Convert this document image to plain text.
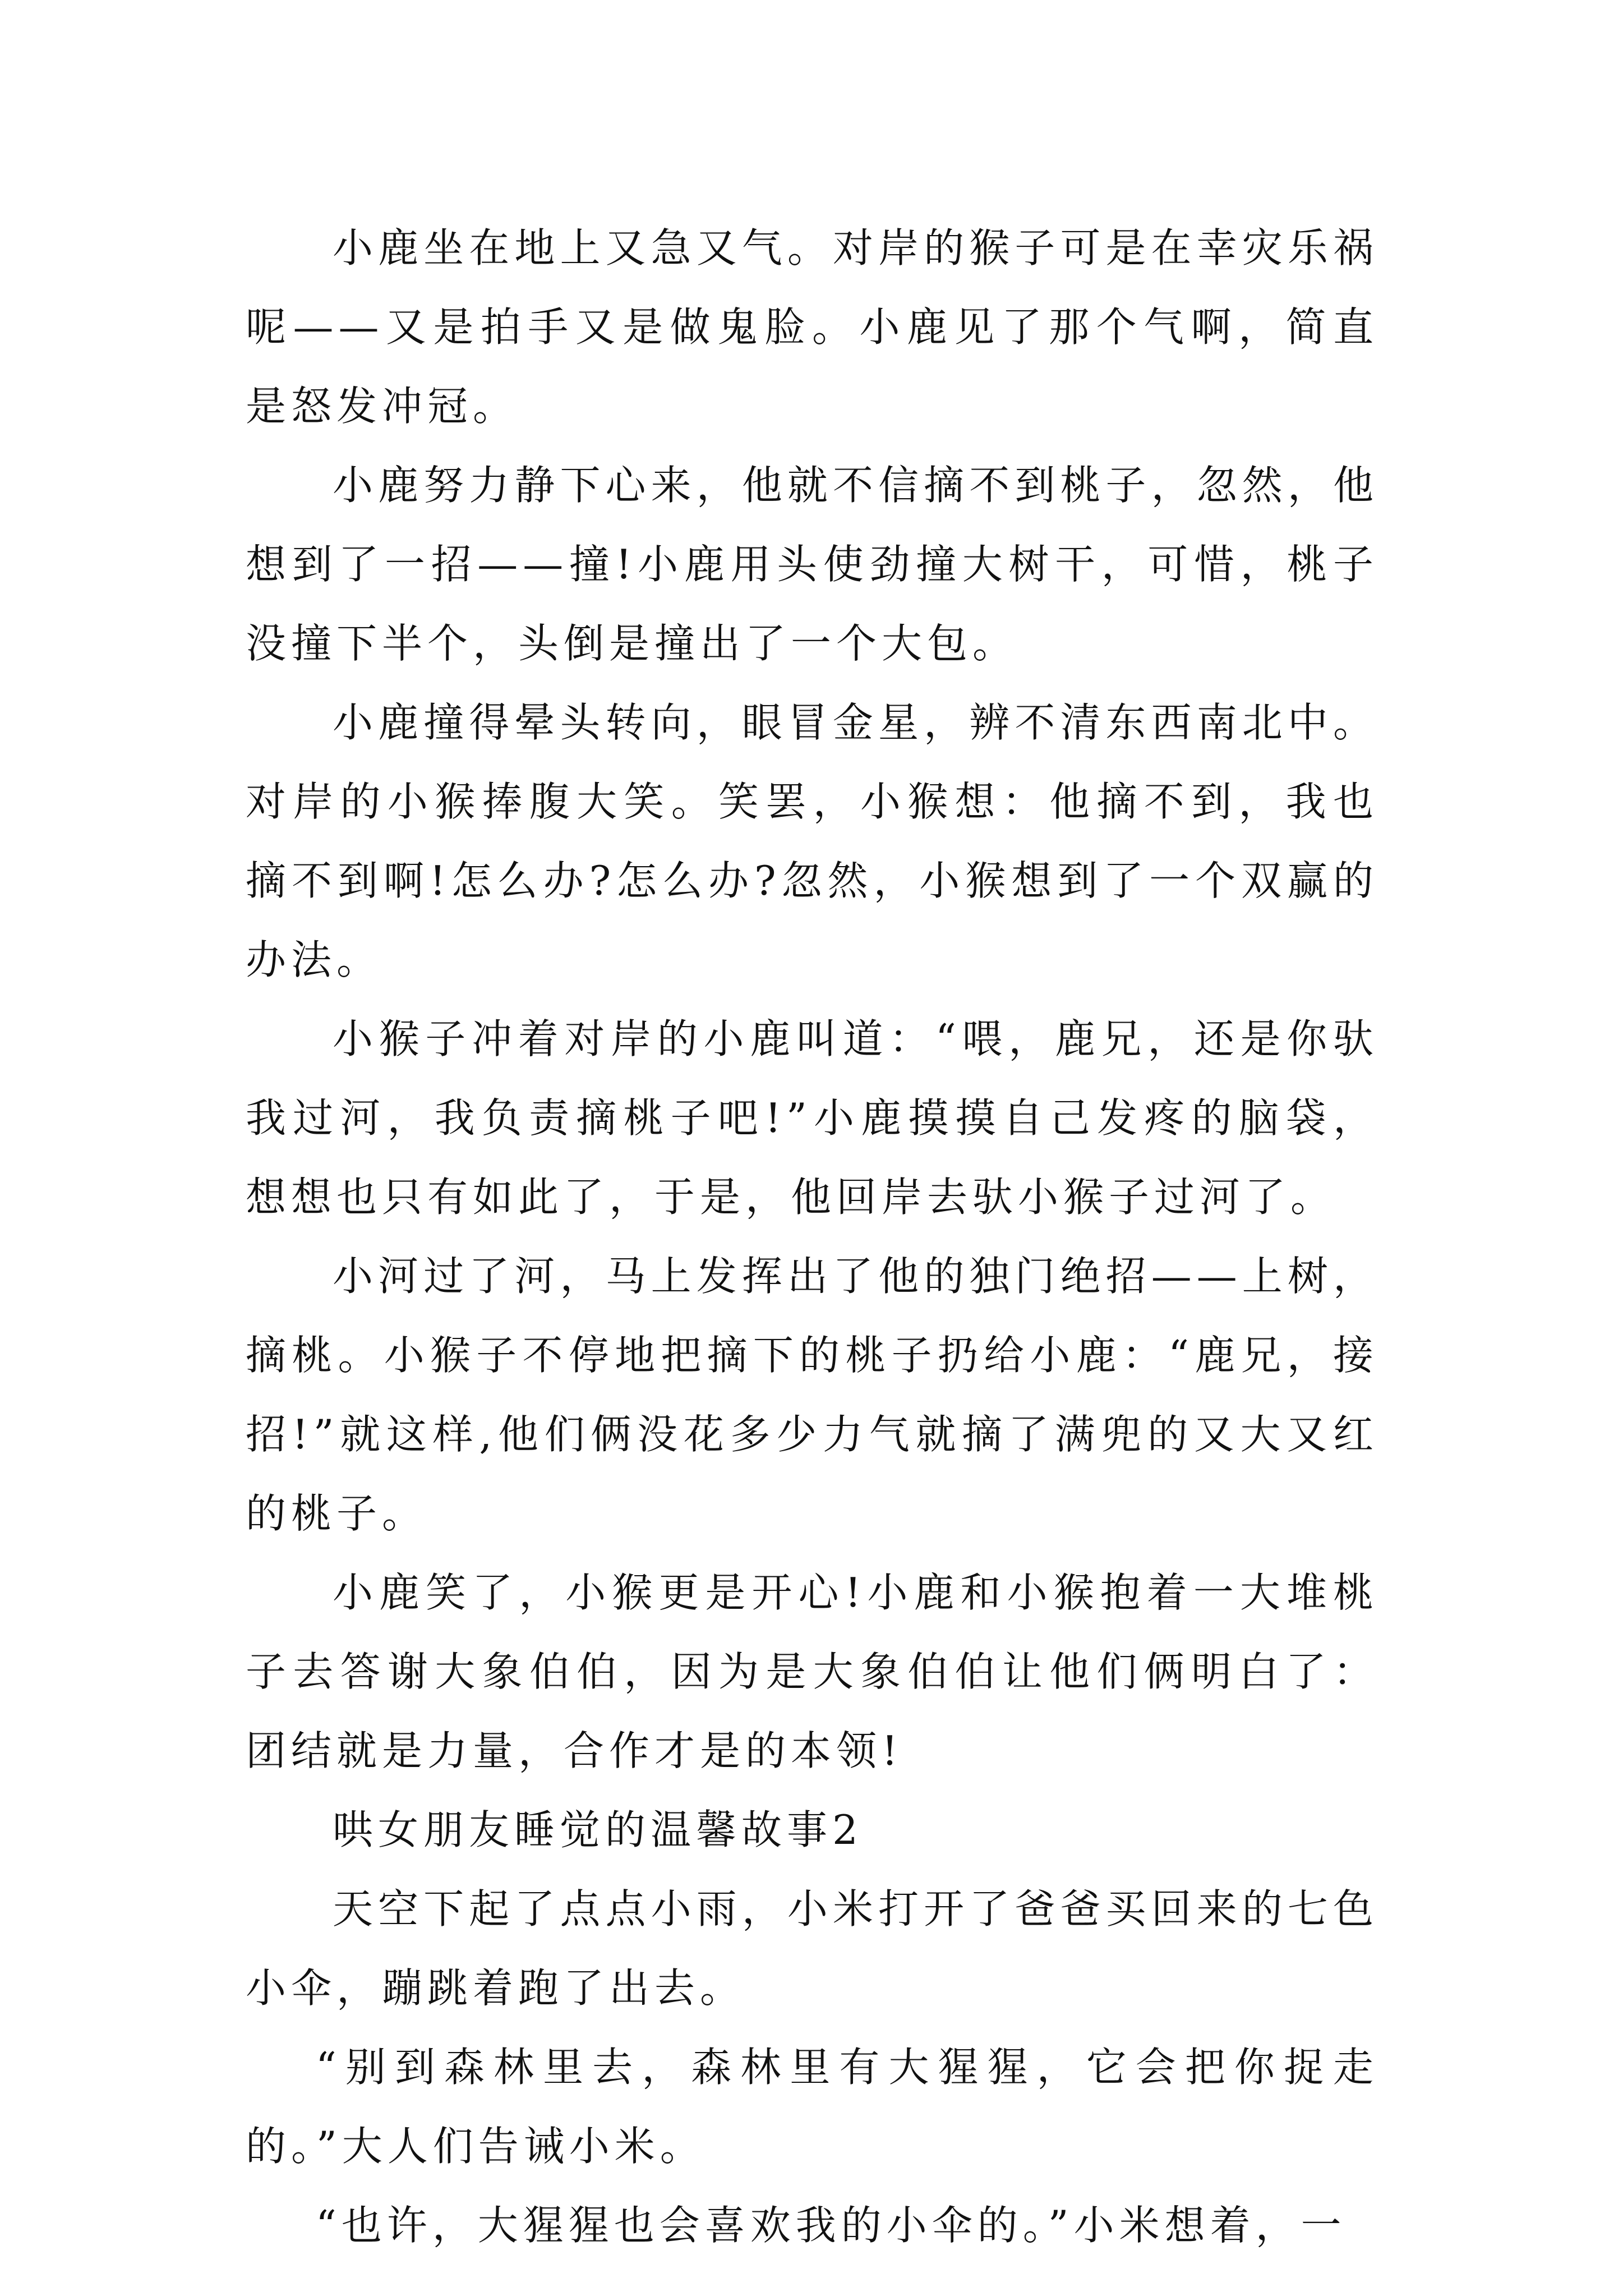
小鹿坐在地上又急又气。对岸的猴子可是在幸灾乐祸呢——又是拍手又是做鬼脸。小鹿见了那个气啊，简直是怒发冲冠。

小鹿努力静下心来，他就不信摘不到桃子，忽然，他想到了一招——撞!小鹿用头使劲撞大树干，可惜，桃子没撞下半个，头倒是撞出了一个大包。

小鹿撞得晕头转向，眼冒金星，辨不清东西南北中。对岸的小猴捧腹大笑。笑罢，小猴想：他摘不到，我也摘不到啊!怎么办?怎么办?忽然，小猴想到了一个双赢的办法。

小猴子冲着对岸的小鹿叫道：“喂，鹿兄，还是你驮我过河，我负责摘桃子吧!”小鹿摸摸自己发疼的脑袋，想想也只有如此了，于是，他回岸去驮小猴子过河了。

小河过了河，马上发挥出了他的独门绝招——上树，摘桃。小猴子不停地把摘下的桃子扔给小鹿：“鹿兄，接招!”就这样,他们俩没花多少力气就摘了满兜的又大又红的桃子。

小鹿笑了，小猴更是开心!小鹿和小猴抱着一大堆桃子去答谢大象伯伯，因为是大象伯伯让他们俩明白了：团结就是力量，合作才是的本领!

哄女朋友睡觉的温馨故事2

天空下起了点点小雨，小米打开了爸爸买回来的七色小伞，蹦跳着跑了出去。

“别到森林里去，森林里有大猩猩，它会把你捉走的。”大人们告诫小米。

“也许，大猩猩也会喜欢我的小伞的。”小米想着，一
